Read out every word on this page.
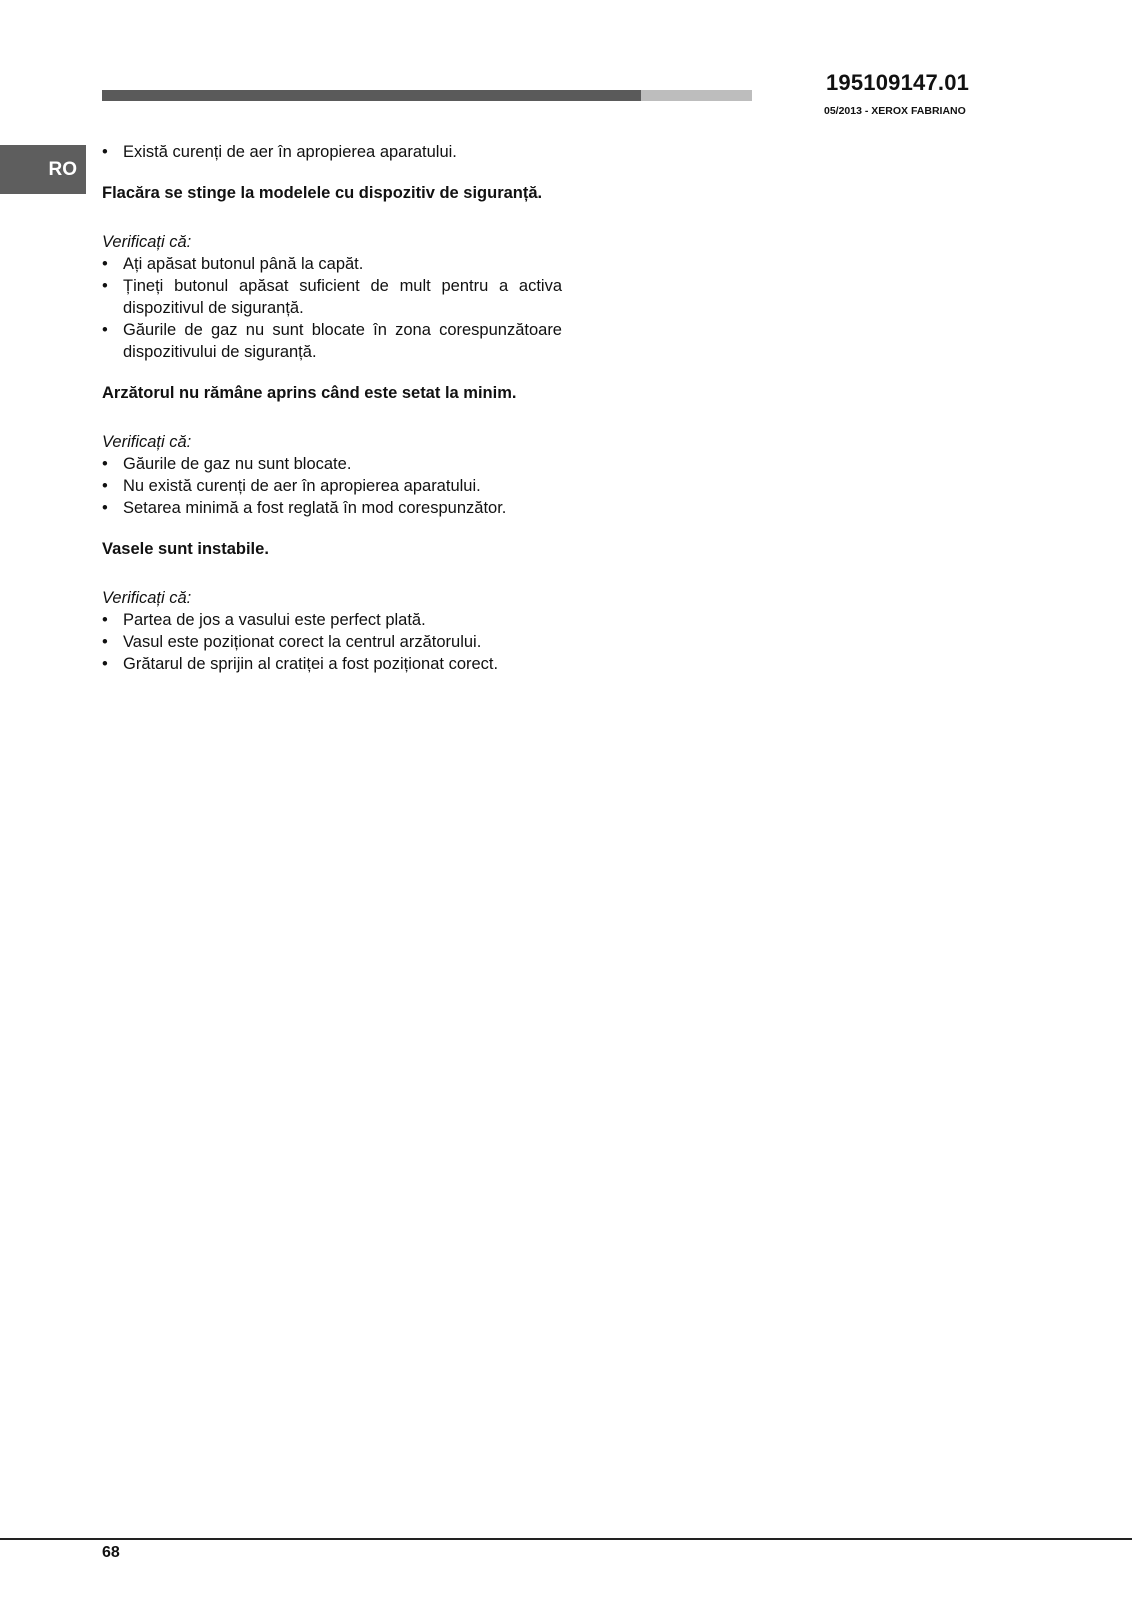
195109147.01
05/2013 - XEROX FABRIANO
RO
• Există curenți de aer în apropierea aparatului.
Flacăra se stinge la modelele cu dispozitiv de siguranță.
Verificați că:
• Ați apăsat butonul până la capăt.
• Țineți butonul apăsat suficient de mult pentru a activa dispozitivul de siguranță.
• Găurile de gaz nu sunt blocate în zona corespunzătoare dispozitivului de siguranță.
Arzătorul nu rămâne aprins când este setat la minim.
Verificați că:
• Găurile de gaz nu sunt blocate.
• Nu există curenți de aer în apropierea aparatului.
• Setarea minimă a fost reglată în mod corespunzător.
Vasele sunt instabile.
Verificați că:
• Partea de jos a vasului este perfect plată.
• Vasul este poziționat corect la centrul arzătorului.
• Grătarul de sprijin al cratiței a fost poziționat corect.
68
